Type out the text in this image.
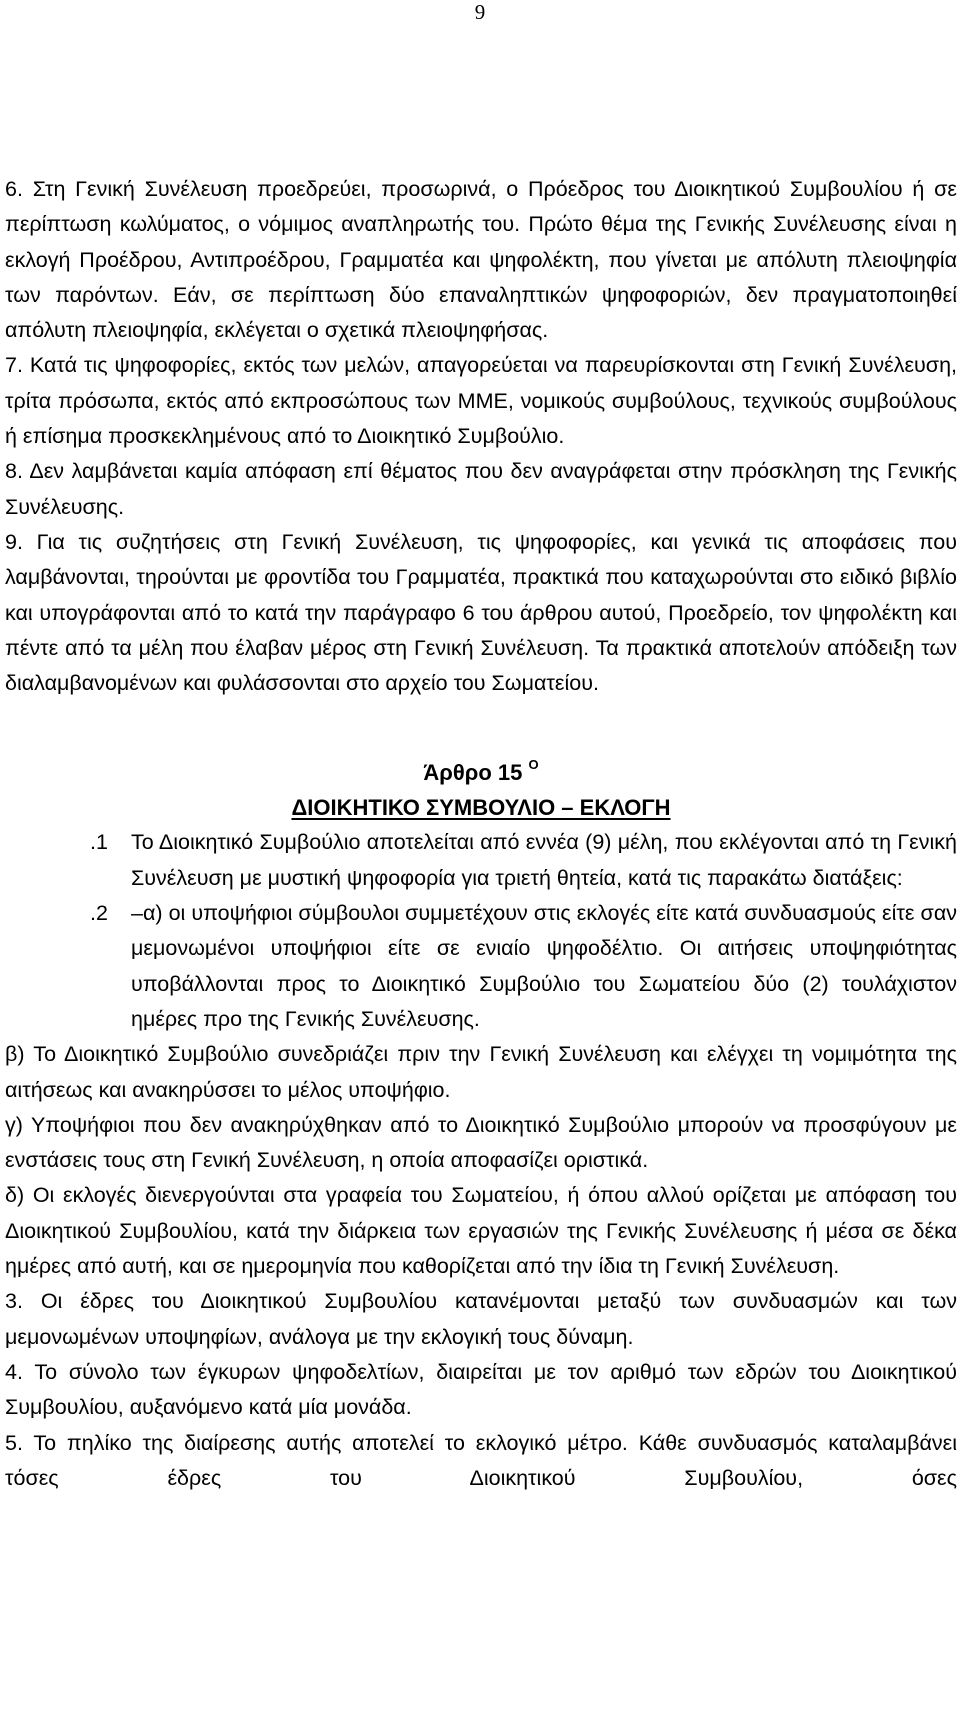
9

6. Στη Γενική Συνέλευση προεδρεύει, προσωρινά, ο Πρόεδρος του Διοικητικού Συμβουλίου ή σε περίπτωση κωλύματος, ο νόμιμος αναπληρωτής του. Πρώτο θέμα της Γενικής Συνέλευσης είναι η εκλογή Προέδρου, Αντιπροέδρου, Γραμματέα και ψηφολέκτη, που γίνεται με απόλυτη πλειοψηφία των παρόντων. Εάν, σε περίπτωση δύο επαναληπτικών ψηφοφοριών, δεν πραγματοποιηθεί απόλυτη πλειοψηφία, εκλέγεται ο σχετικά πλειοψηφήσας.

7. Κατά τις ψηφοφορίες, εκτός των μελών, απαγορεύεται να παρευρίσκονται στη Γενική Συνέλευση, τρίτα πρόσωπα, εκτός από εκπροσώπους των ΜΜΕ, νομικούς συμβούλους, τεχνικούς συμβούλους ή επίσημα προσκεκλημένους από το Διοικητικό Συμβούλιο.

8. Δεν λαμβάνεται καμία απόφαση επί θέματος που δεν αναγράφεται στην πρόσκληση της Γενικής Συνέλευσης.

9. Για τις συζητήσεις στη Γενική Συνέλευση, τις ψηφοφορίες, και γενικά τις αποφάσεις που λαμβάνονται, τηρούνται με φροντίδα του Γραμματέα, πρακτικά που καταχωρούνται στο ειδικό βιβλίο και υπογράφονται από το κατά την παράγραφο 6 του άρθρου αυτού, Προεδρείο, τον ψηφολέκτη και πέντε από τα μέλη που έλαβαν μέρος στη Γενική Συνέλευση. Τα πρακτικά αποτελούν απόδειξη των διαλαμβανομένων και φυλάσσονται στο αρχείο του Σωματείου.

Άρθρο 15 $^O$
ΔΙΟΙΚΗΤΙΚΟ ΣΥΜΒΟΥΛΙΟ – ΕΚΛΟΓΗ

1. Το Διοικητικό Συμβούλιο αποτελείται από εννέα (9) μέλη, που εκλέγονται από τη Γενική Συνέλευση με μυστική ψηφοφορία για τριετή θητεία, κατά τις παρακάτω διατάξεις:

2. –α) οι υποψήφιοι σύμβουλοι συμμετέχουν στις εκλογές είτε κατά συνδυασμούς είτε σαν μεμονωμένοι υποψήφιοι είτε σε ενιαίο ψηφοδέλτιο. Οι αιτήσεις υποψηφιότητας υποβάλλονται προς το Διοικητικό Συμβούλιο του Σωματείου δύο (2) τουλάχιστον ημέρες προ της Γενικής Συνέλευσης.

β) Το Διοικητικό Συμβούλιο συνεδριάζει πριν την Γενική Συνέλευση και ελέγχει τη νομιμότητα της αιτήσεως και ανακηρύσσει το μέλος υποψήφιο.

γ) Υποψήφιοι που δεν ανακηρύχθηκαν από το Διοικητικό Συμβούλιο μπορούν να προσφύγουν με ενστάσεις τους στη Γενική Συνέλευση, η οποία αποφασίζει οριστικά.

δ) Οι εκλογές διενεργούνται στα γραφεία του Σωματείου, ή όπου αλλού ορίζεται με απόφαση του Διοικητικού Συμβουλίου, κατά την διάρκεια των εργασιών της Γενικής Συνέλευσης ή μέσα σε δέκα ημέρες από αυτή, και σε ημερομηνία που καθορίζεται από την ίδια τη Γενική Συνέλευση.

3. Οι έδρες του Διοικητικού Συμβουλίου κατανέμονται μεταξύ των συνδυασμών και των μεμονωμένων υποψηφίων, ανάλογα με την εκλογική τους δύναμη.

4. Το σύνολο των έγκυρων ψηφοδελτίων, διαιρείται με τον αριθμό των εδρών του Διοικητικού Συμβουλίου, αυξανόμενο κατά μία μονάδα.

5. Το πηλίκο της διαίρεσης αυτής αποτελεί το εκλογικό μέτρο. Κάθε συνδυασμός καταλαμβάνει τόσες έδρες του Διοικητικού Συμβουλίου, όσες
